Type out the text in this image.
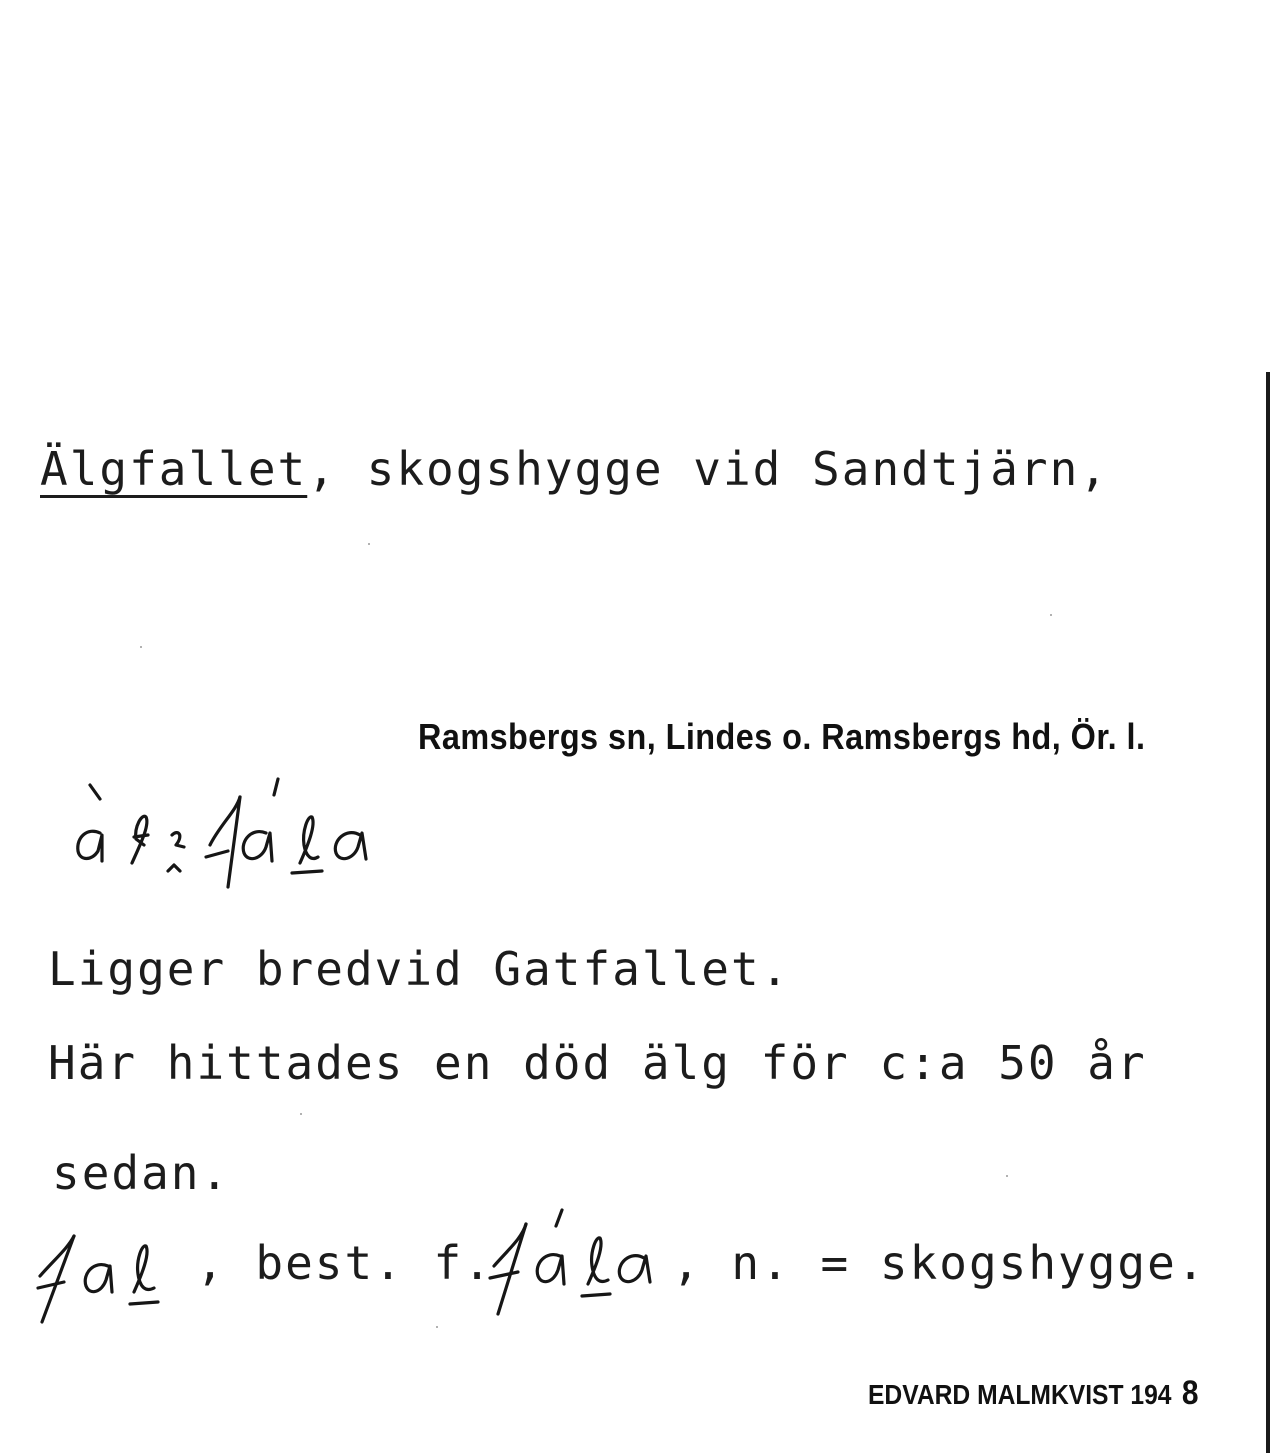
Älgfallet, skogshygge vid Sandtjärn,
Ramsbergs sn, Lindes o. Ramsbergs hd, Ör. l.
Ligger bredvid Gatfallet.
Här hittades en död älg för c:a 50 år
sedan.
, best. f.	, n. = skogshygge.
EDVARD MALMKVIST 194 8
